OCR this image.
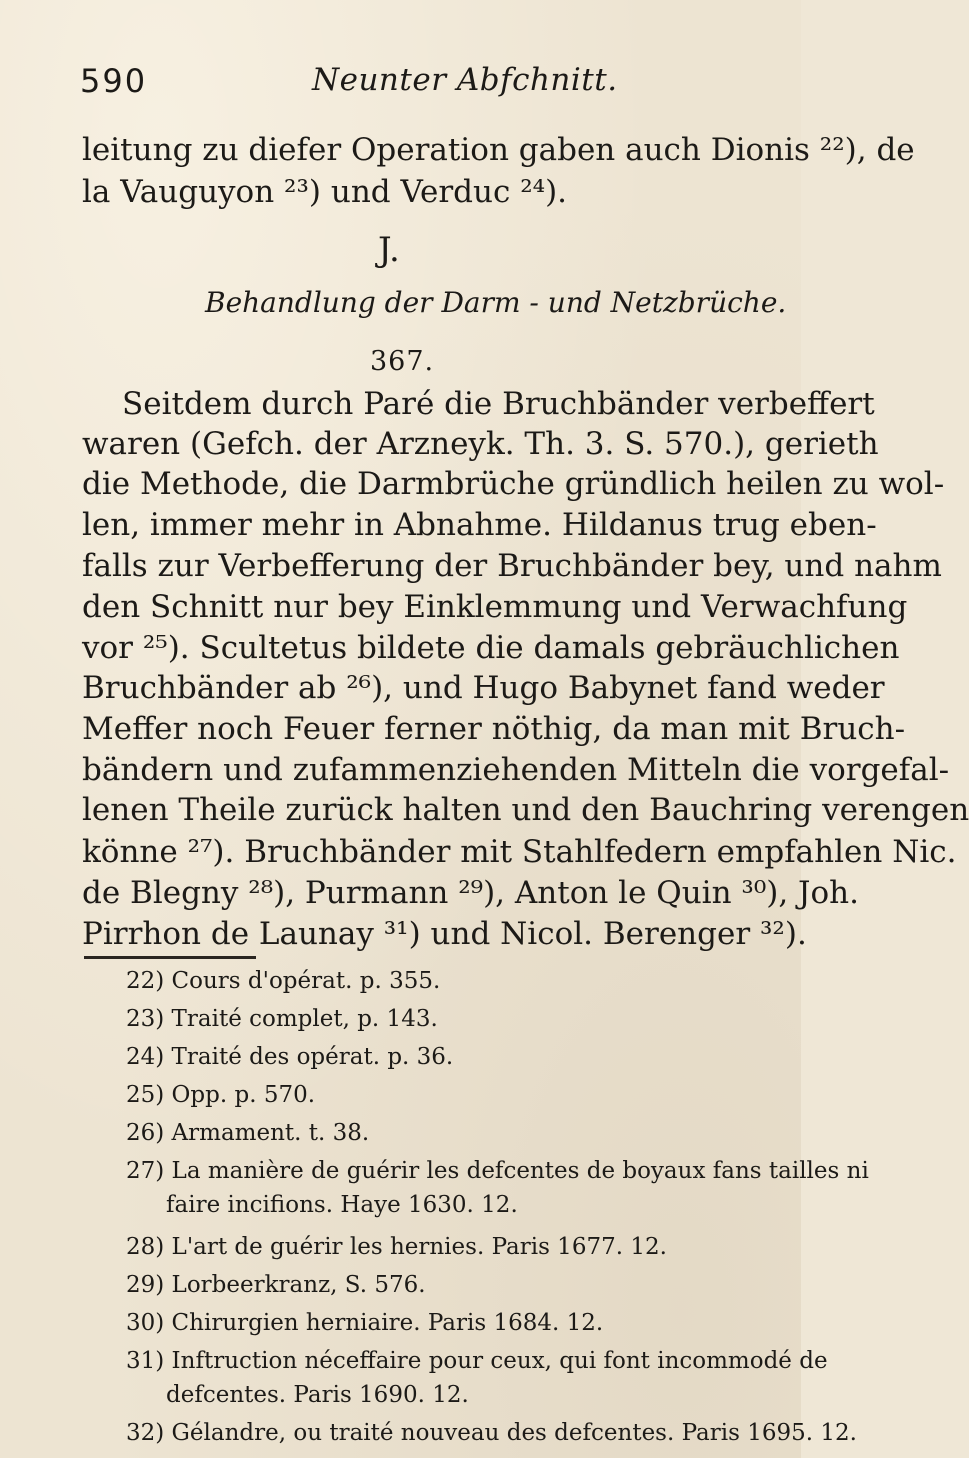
590	Neunter Abfchnitt.
leitung zu diefer Operation gaben auch Dionis ²²), de
la Vauguyon ²³) und Verduc ²⁴).
J.
Behandlung der Darm - und Netzbrüche.
367.
Seitdem durch Paré die Bruchbänder verbeffert
waren (Gefch. der Arzneyk. Th. 3. S. 570.), gerieth
die Methode, die Darmbrüche gründlich heilen zu wol-
len, immer mehr in Abnahme. Hildanus trug eben-
falls zur Verbefferung der Bruchbänder bey, und nahm
den Schnitt nur bey Einklemmung und Verwachfung
vor ²⁵). Scultetus bildete die damals gebräuchlichen
Bruchbänder ab ²⁶), und Hugo Babynet fand weder
Meffer noch Feuer ferner nöthig, da man mit Bruch-
bändern und zufammenziehenden Mitteln die vorgefal-
lenen Theile zurück halten und den Bauchring verengen
könne ²⁷). Bruchbänder mit Stahlfedern empfahlen Nic.
de Blegny ²⁸), Purmann ²⁹), Anton le Quin ³⁰), Joh.
Pirrhon de Launay ³¹) und Nicol. Berenger ³²).
22) Cours d'opérat. p. 355.
23) Traité complet, p. 143.
24) Traité des opérat. p. 36.
25) Opp. p. 570.
26) Armament. t. 38.
27) La manière de guérir les defcentes de boyaux fans tailles ni
faire incifions. Haye 1630. 12.
28) L'art de guérir les hernies. Paris 1677. 12.
29) Lorbeerkranz, S. 576.
30) Chirurgien herniaire. Paris 1684. 12.
31) Inftruction néceffaire pour ceux, qui font incommodé de
defcentes. Paris 1690. 12.
32) Gélandre, ou traité nouveau des defcentes. Paris 1695. 12.
